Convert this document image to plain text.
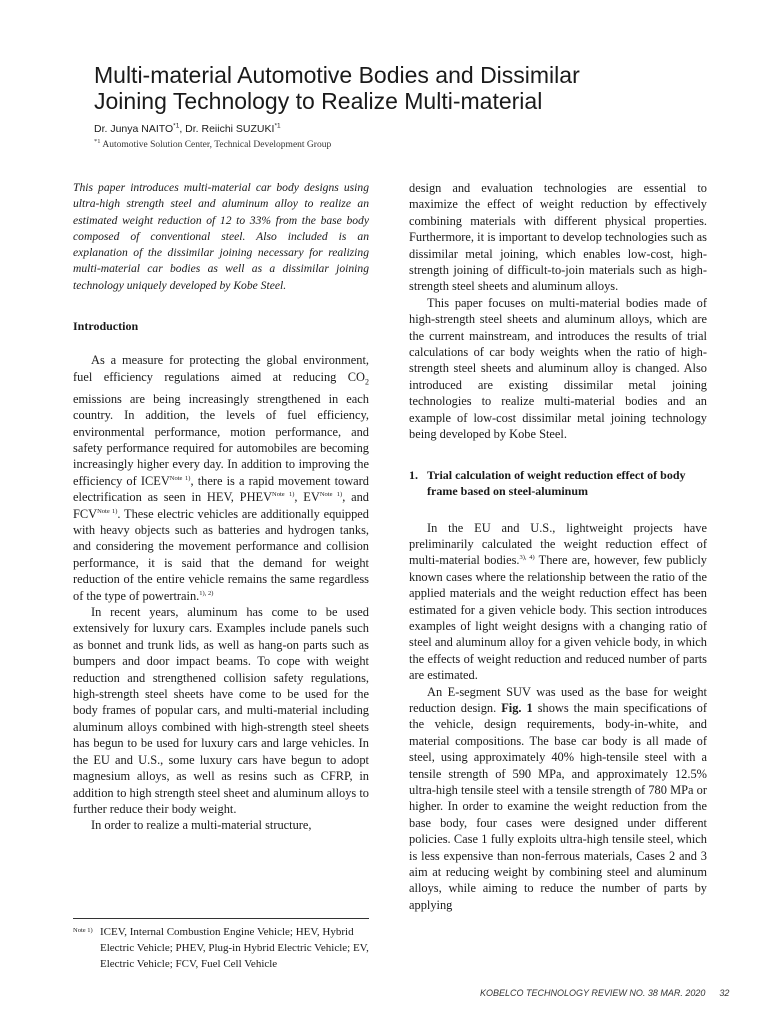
Multi-material Automotive Bodies and Dissimilar
Joining Technology to Realize Multi-material
Dr. Junya NAITO$^{*1}$, Dr. Reiichi SUZUKI$^{*1}$
$^{*1}$ Automotive Solution Center, Technical Development Group

This paper introduces multi-material car body designs using ultra-high strength steel and aluminum alloy to realize an estimated weight reduction of 12 to 33% from the base body composed of conventional steel. Also included is an explanation of the dissimilar joining necessary for realizing multi-material car bodies as well as a dissimilar joining technology uniquely developed by Kobe Steel.

Introduction

As a measure for protecting the global environment, fuel efficiency regulations aimed at reducing $CO_2$ emissions are being increasingly strengthened in each country. In addition, the levels of fuel efficiency, environmental performance, motion performance, and safety performance required for automobiles are becoming increasingly higher every day. In addition to improving the efficiency of $ICEV^{Note 1)}$, there is a rapid movement toward electrification as seen in HEV, $PHEV^{Note 1)}$, $EV^{Note 1)}$, and $FCV^{Note 1)}$. These electric vehicles are additionally equipped with heavy objects such as batteries and hydrogen tanks, and considering the movement performance and collision performance, it is said that the demand for weight reduction of the entire vehicle remains the same regardless of the type of powertrain.$^{1), 2)}$

In recent years, aluminum has come to be used extensively for luxury cars. Examples include panels such as bonnet and trunk lids, as well as hang-on parts such as bumpers and door impact beams. To cope with weight reduction and strengthened collision safety regulations, high-strength steel sheets have come to be used for the body frames of popular cars, and multi-material including aluminum alloys combined with high-strength steel sheets has begun to be used for luxury cars and large vehicles. In the EU and U.S., some luxury cars have begun to adopt magnesium alloys, as well as resins such as CFRP, in addition to high strength steel sheet and aluminum alloys to further reduce their body weight.

In order to realize a multi-material structure,

Note 1) ICEV, Internal Combustion Engine Vehicle; HEV, Hybrid Electric Vehicle; PHEV, Plug-in Hybrid Electric Vehicle; EV, Electric Vehicle; FCV, Fuel Cell Vehicle

design and evaluation technologies are essential to maximize the effect of weight reduction by effectively combining materials with different physical properties. Furthermore, it is important to develop technologies such as dissimilar metal joining, which enables low-cost, high-strength joining of difficult-to-join materials such as high-strength steel sheets and aluminum alloys.

This paper focuses on multi-material bodies made of high-strength steel sheets and aluminum alloys, which are the current mainstream, and introduces the results of trial calculations of car body weights when the ratio of high-strength steel sheets and aluminum alloy is changed. Also introduced are existing dissimilar metal joining technologies to realize multi-material bodies and an example of low-cost dissimilar metal joining technology being developed by Kobe Steel.

1. Trial calculation of weight reduction effect of body frame based on steel-aluminum

In the EU and U.S., lightweight projects have preliminarily calculated the weight reduction effect of multi-material bodies.$^{3), 4)}$ There are, however, few publicly known cases where the relationship between the ratio of the applied materials and the weight reduction effect has been estimated for a given vehicle body. This section introduces examples of light weight designs with a changing ratio of steel and aluminum alloy for a given vehicle body, in which the effects of weight reduction and reduced number of parts are estimated.

An E-segment SUV was used as the base for weight reduction design. Fig. 1 shows the main specifications of the vehicle, design requirements, body-in-white, and material compositions. The base car body is all made of steel, using approximately 40% high-tensile steel with a tensile strength of 590 MPa, and approximately 12.5% ultra-high tensile steel with a tensile strength of 780 MPa or higher. In order to examine the weight reduction from the base body, four cases were designed under different policies. Case 1 fully exploits ultra-high tensile steel, which is less expensive than non-ferrous materials, Cases 2 and 3 aim at reducing weight by combining steel and aluminum alloys, while aiming to reduce the number of parts by applying

KOBELCO TECHNOLOGY REVIEW NO. 38 MAR. 2020 32
